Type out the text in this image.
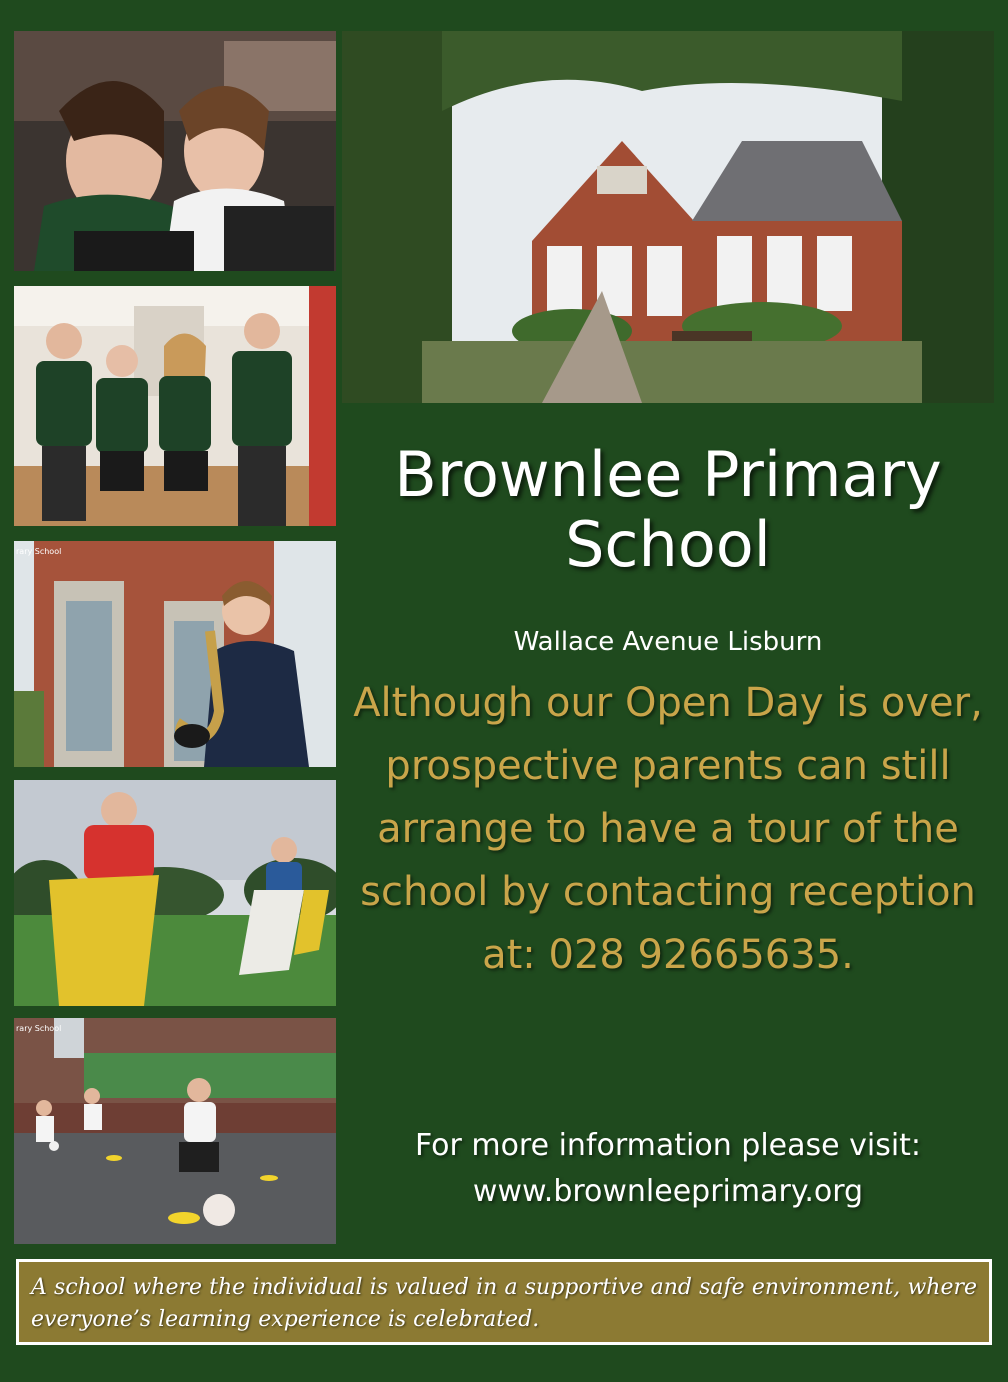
rary School
rary School
Brownlee Primary School
Wallace Avenue Lisburn
Although our Open Day is over, prospective parents can still arrange to have a tour of the school by contacting reception at: 028 92665635.
For more information please visit: www.brownleeprimary.org
A school where the individual is valued in a supportive and safe environment, where everyone’s learning experience is celebrated.
